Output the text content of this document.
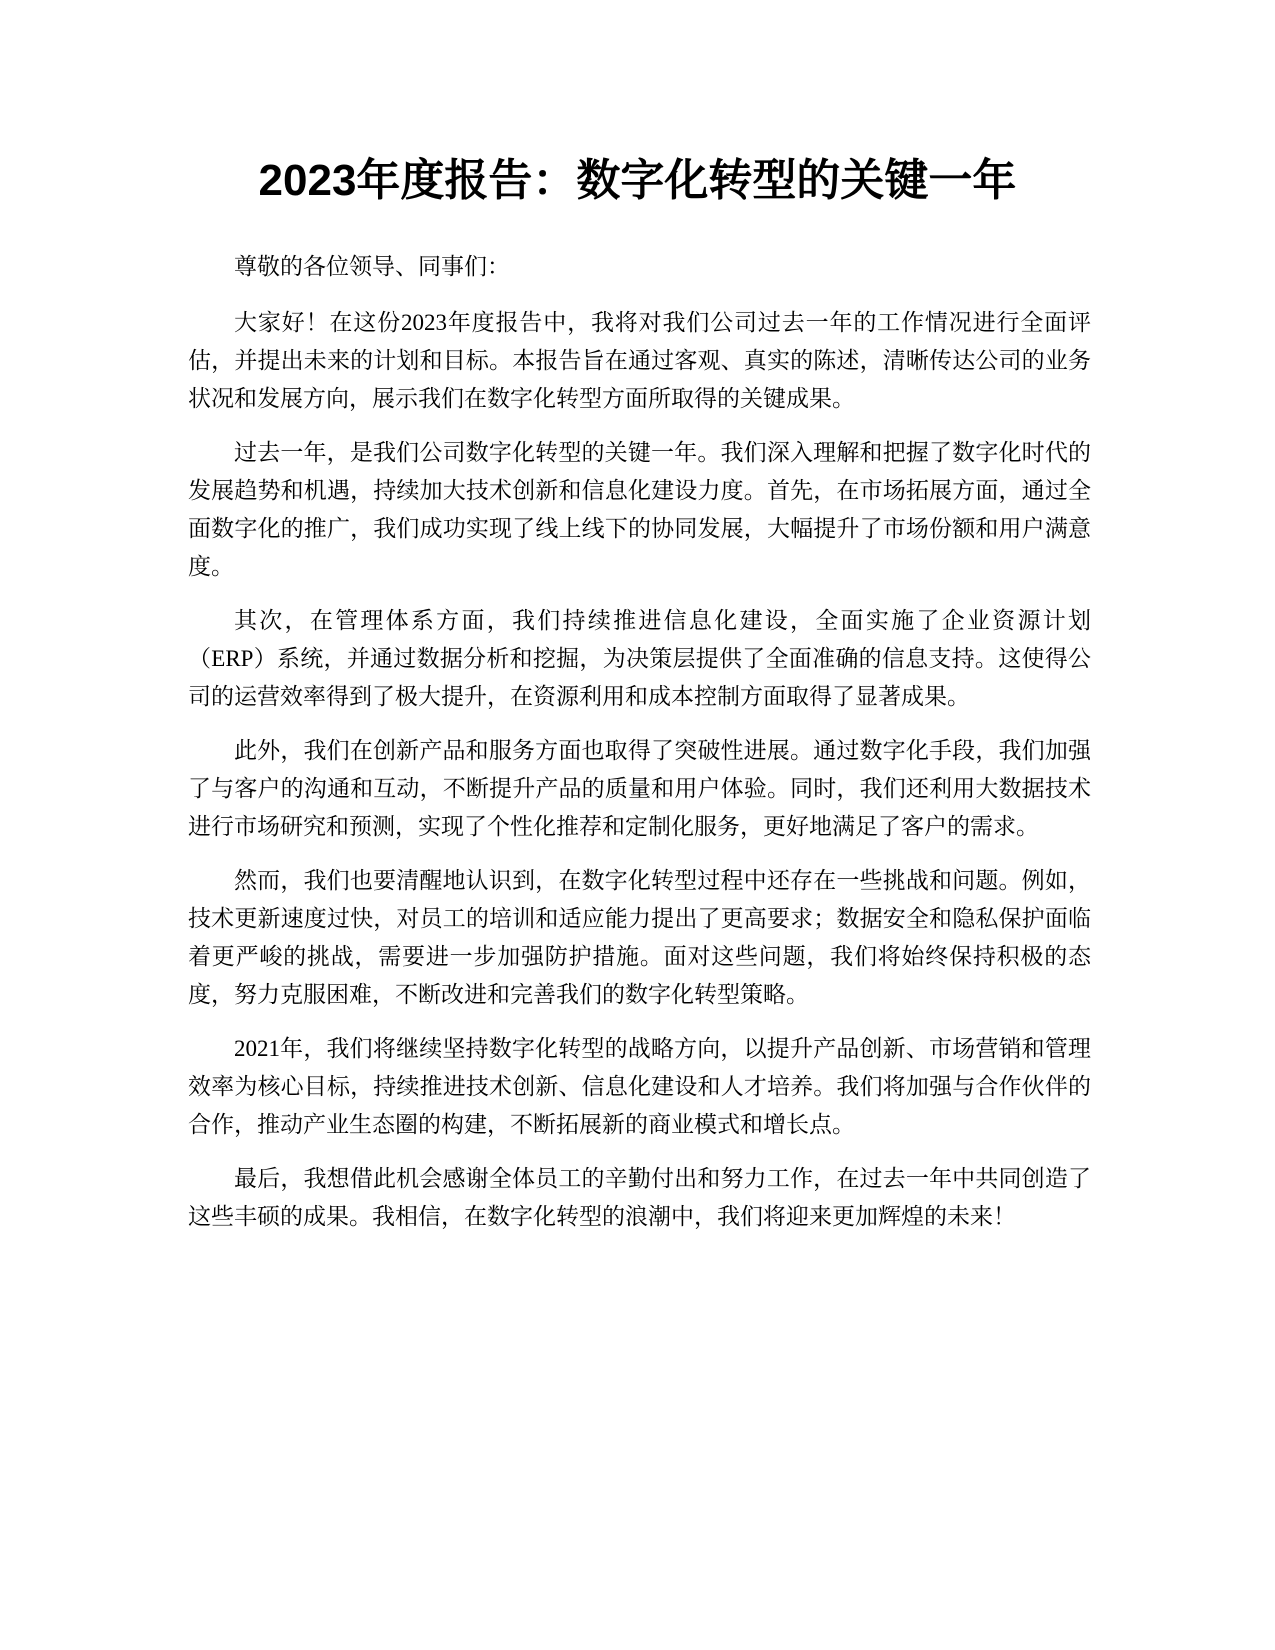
2023年度报告：数字化转型的关键一年

尊敬的各位领导、同事们：

大家好！在这份2023年度报告中，我将对我们公司过去一年的工作情况进行全面评估，并提出未来的计划和目标。本报告旨在通过客观、真实的陈述，清晰传达公司的业务状况和发展方向，展示我们在数字化转型方面所取得的关键成果。

过去一年，是我们公司数字化转型的关键一年。我们深入理解和把握了数字化时代的发展趋势和机遇，持续加大技术创新和信息化建设力度。首先，在市场拓展方面，通过全面数字化的推广，我们成功实现了线上线下的协同发展，大幅提升了市场份额和用户满意度。

其次，在管理体系方面，我们持续推进信息化建设，全面实施了企业资源计划（ERP）系统，并通过数据分析和挖掘，为决策层提供了全面准确的信息支持。这使得公司的运营效率得到了极大提升，在资源利用和成本控制方面取得了显著成果。

此外，我们在创新产品和服务方面也取得了突破性进展。通过数字化手段，我们加强了与客户的沟通和互动，不断提升产品的质量和用户体验。同时，我们还利用大数据技术进行市场研究和预测，实现了个性化推荐和定制化服务，更好地满足了客户的需求。

然而，我们也要清醒地认识到，在数字化转型过程中还存在一些挑战和问题。例如，技术更新速度过快，对员工的培训和适应能力提出了更高要求；数据安全和隐私保护面临着更严峻的挑战，需要进一步加强防护措施。面对这些问题，我们将始终保持积极的态度，努力克服困难，不断改进和完善我们的数字化转型策略。

2021年，我们将继续坚持数字化转型的战略方向，以提升产品创新、市场营销和管理效率为核心目标，持续推进技术创新、信息化建设和人才培养。我们将加强与合作伙伴的合作，推动产业生态圈的构建，不断拓展新的商业模式和增长点。

最后，我想借此机会感谢全体员工的辛勤付出和努力工作，在过去一年中共同创造了这些丰硕的成果。我相信，在数字化转型的浪潮中，我们将迎来更加辉煌的未来！
